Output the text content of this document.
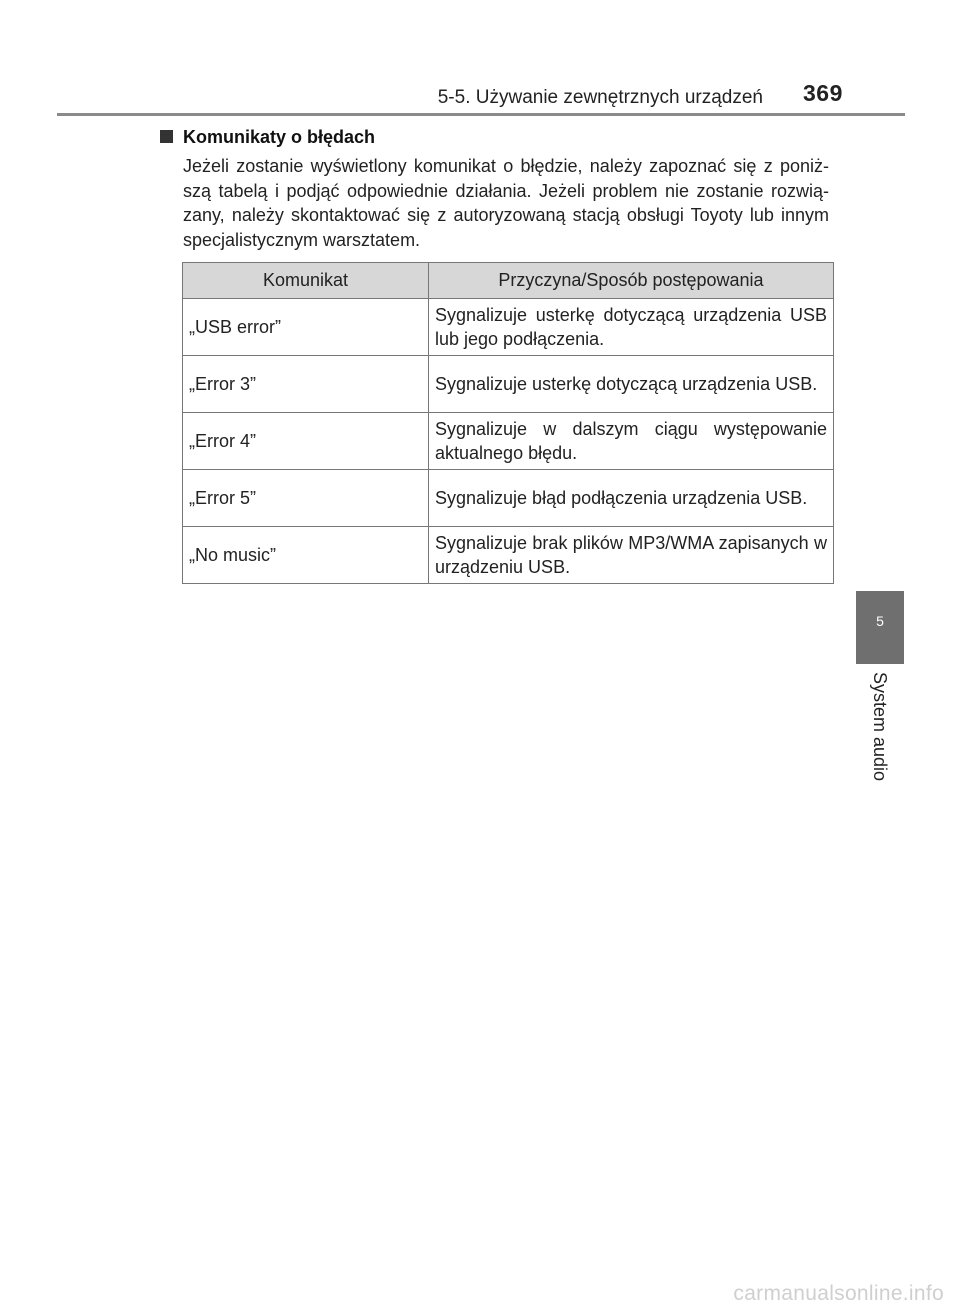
5-5. Używanie zewnętrznych urządzeń 369
5
System audio
Komunikaty o błędach
Jeżeli zostanie wyświetlony komunikat o błędzie, należy zapoznać się z poniż-
szą tabelą i podjąć odpowiednie działania. Jeżeli problem nie zostanie rozwią-
zany, należy skontaktować się z autoryzowaną stacją obsługi Toyoty lub innym
specjalistycznym warsztatem.
Komunikat	Przyczyna/Sposób postępowania
„USB error”	Sygnalizuje usterkę dotyczącą urządzenia USB lub jego podłączenia.
„Error 3”	Sygnalizuje usterkę dotyczącą urządzenia USB.
„Error 4”	Sygnalizuje w dalszym ciągu występowanie aktualnego błędu.
„Error 5”	Sygnalizuje błąd podłączenia urządzenia USB.
„No music”	Sygnalizuje brak plików MP3/WMA zapisanych w urządzeniu USB.
carmanualsonline.info
